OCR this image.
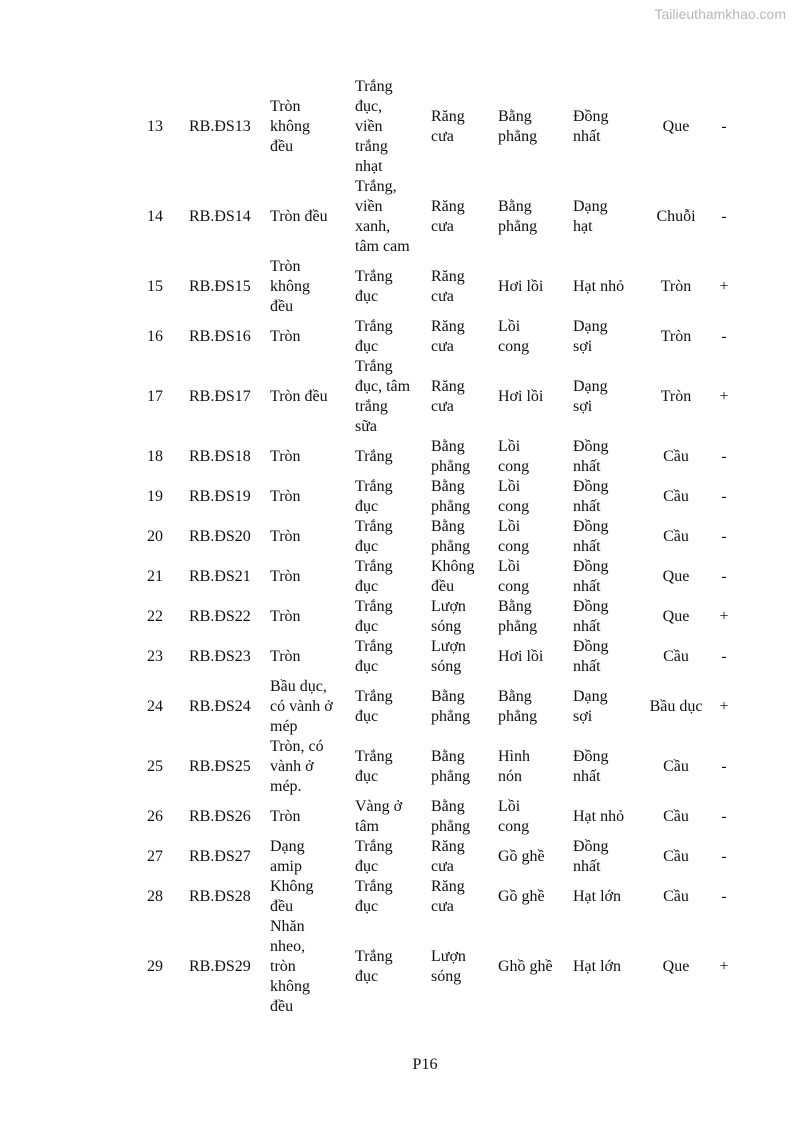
Tailieuthamkhao.com
13	RB.ĐS13	Tròn
không
đều	Trắng
đục,
viền
trắng
nhạt	Răng
cưa	Bằng
phẳng	Đồng
nhất	Que	-
14	RB.ĐS14	Tròn đều	Trắng,
viền
xanh,
tâm cam	Răng
cưa	Bằng
phẳng	Dạng
hạt	Chuỗi	-
15	RB.ĐS15	Tròn
không
đều	Trắng
đục	Răng
cưa	Hơi lồi	Hạt nhỏ	Tròn	+
16	RB.ĐS16	Tròn	Trắng
đục	Răng
cưa	Lồi
cong	Dạng
sợi	Tròn	-
17	RB.ĐS17	Tròn đều	Trắng
đục, tâm
trắng
sữa	Răng
cưa	Hơi lồi	Dạng
sợi	Tròn	+
18	RB.ĐS18	Tròn	Trắng	Bằng
phẳng	Lồi
cong	Đồng
nhất	Cầu	-
19	RB.ĐS19	Tròn	Trắng
đục	Bằng
phẳng	Lồi
cong	Đồng
nhất	Cầu	-
20	RB.ĐS20	Tròn	Trắng
đục	Bằng
phẳng	Lồi
cong	Đồng
nhất	Cầu	-
21	RB.ĐS21	Tròn	Trắng
đục	Không
đều	Lồi
cong	Đồng
nhất	Que	-
22	RB.ĐS22	Tròn	Trắng
đục	Lượn
sóng	Bằng
phẳng	Đồng
nhất	Que	+
23	RB.ĐS23	Tròn	Trắng
đục	Lượn
sóng	Hơi lồi	Đồng
nhất	Cầu	-
24	RB.ĐS24	Bầu dục,
có vành ở
mép	Trắng
đục	Bằng
phẳng	Bằng
phẳng	Dạng
sợi	Bầu dục	+
25	RB.ĐS25	Tròn, có
vành ở
mép.	Trắng
đục	Bằng
phẳng	Hình
nón	Đồng
nhất	Cầu	-
26	RB.ĐS26	Tròn	Vàng ở
tâm	Bằng
phẳng	Lồi
cong	Hạt nhỏ	Cầu	-
27	RB.ĐS27	Dạng
amip	Trắng
đục	Răng
cưa	Gồ ghề	Đồng
nhất	Cầu	-
28	RB.ĐS28	Không
đều	Trắng
đục	Răng
cưa	Gồ ghề	Hạt lớn	Cầu	-
29	RB.ĐS29	Nhăn
nheo,
tròn
không
đều	Trắng
đục	Lượn
sóng	Ghồ ghề	Hạt lớn	Que	+
P16
